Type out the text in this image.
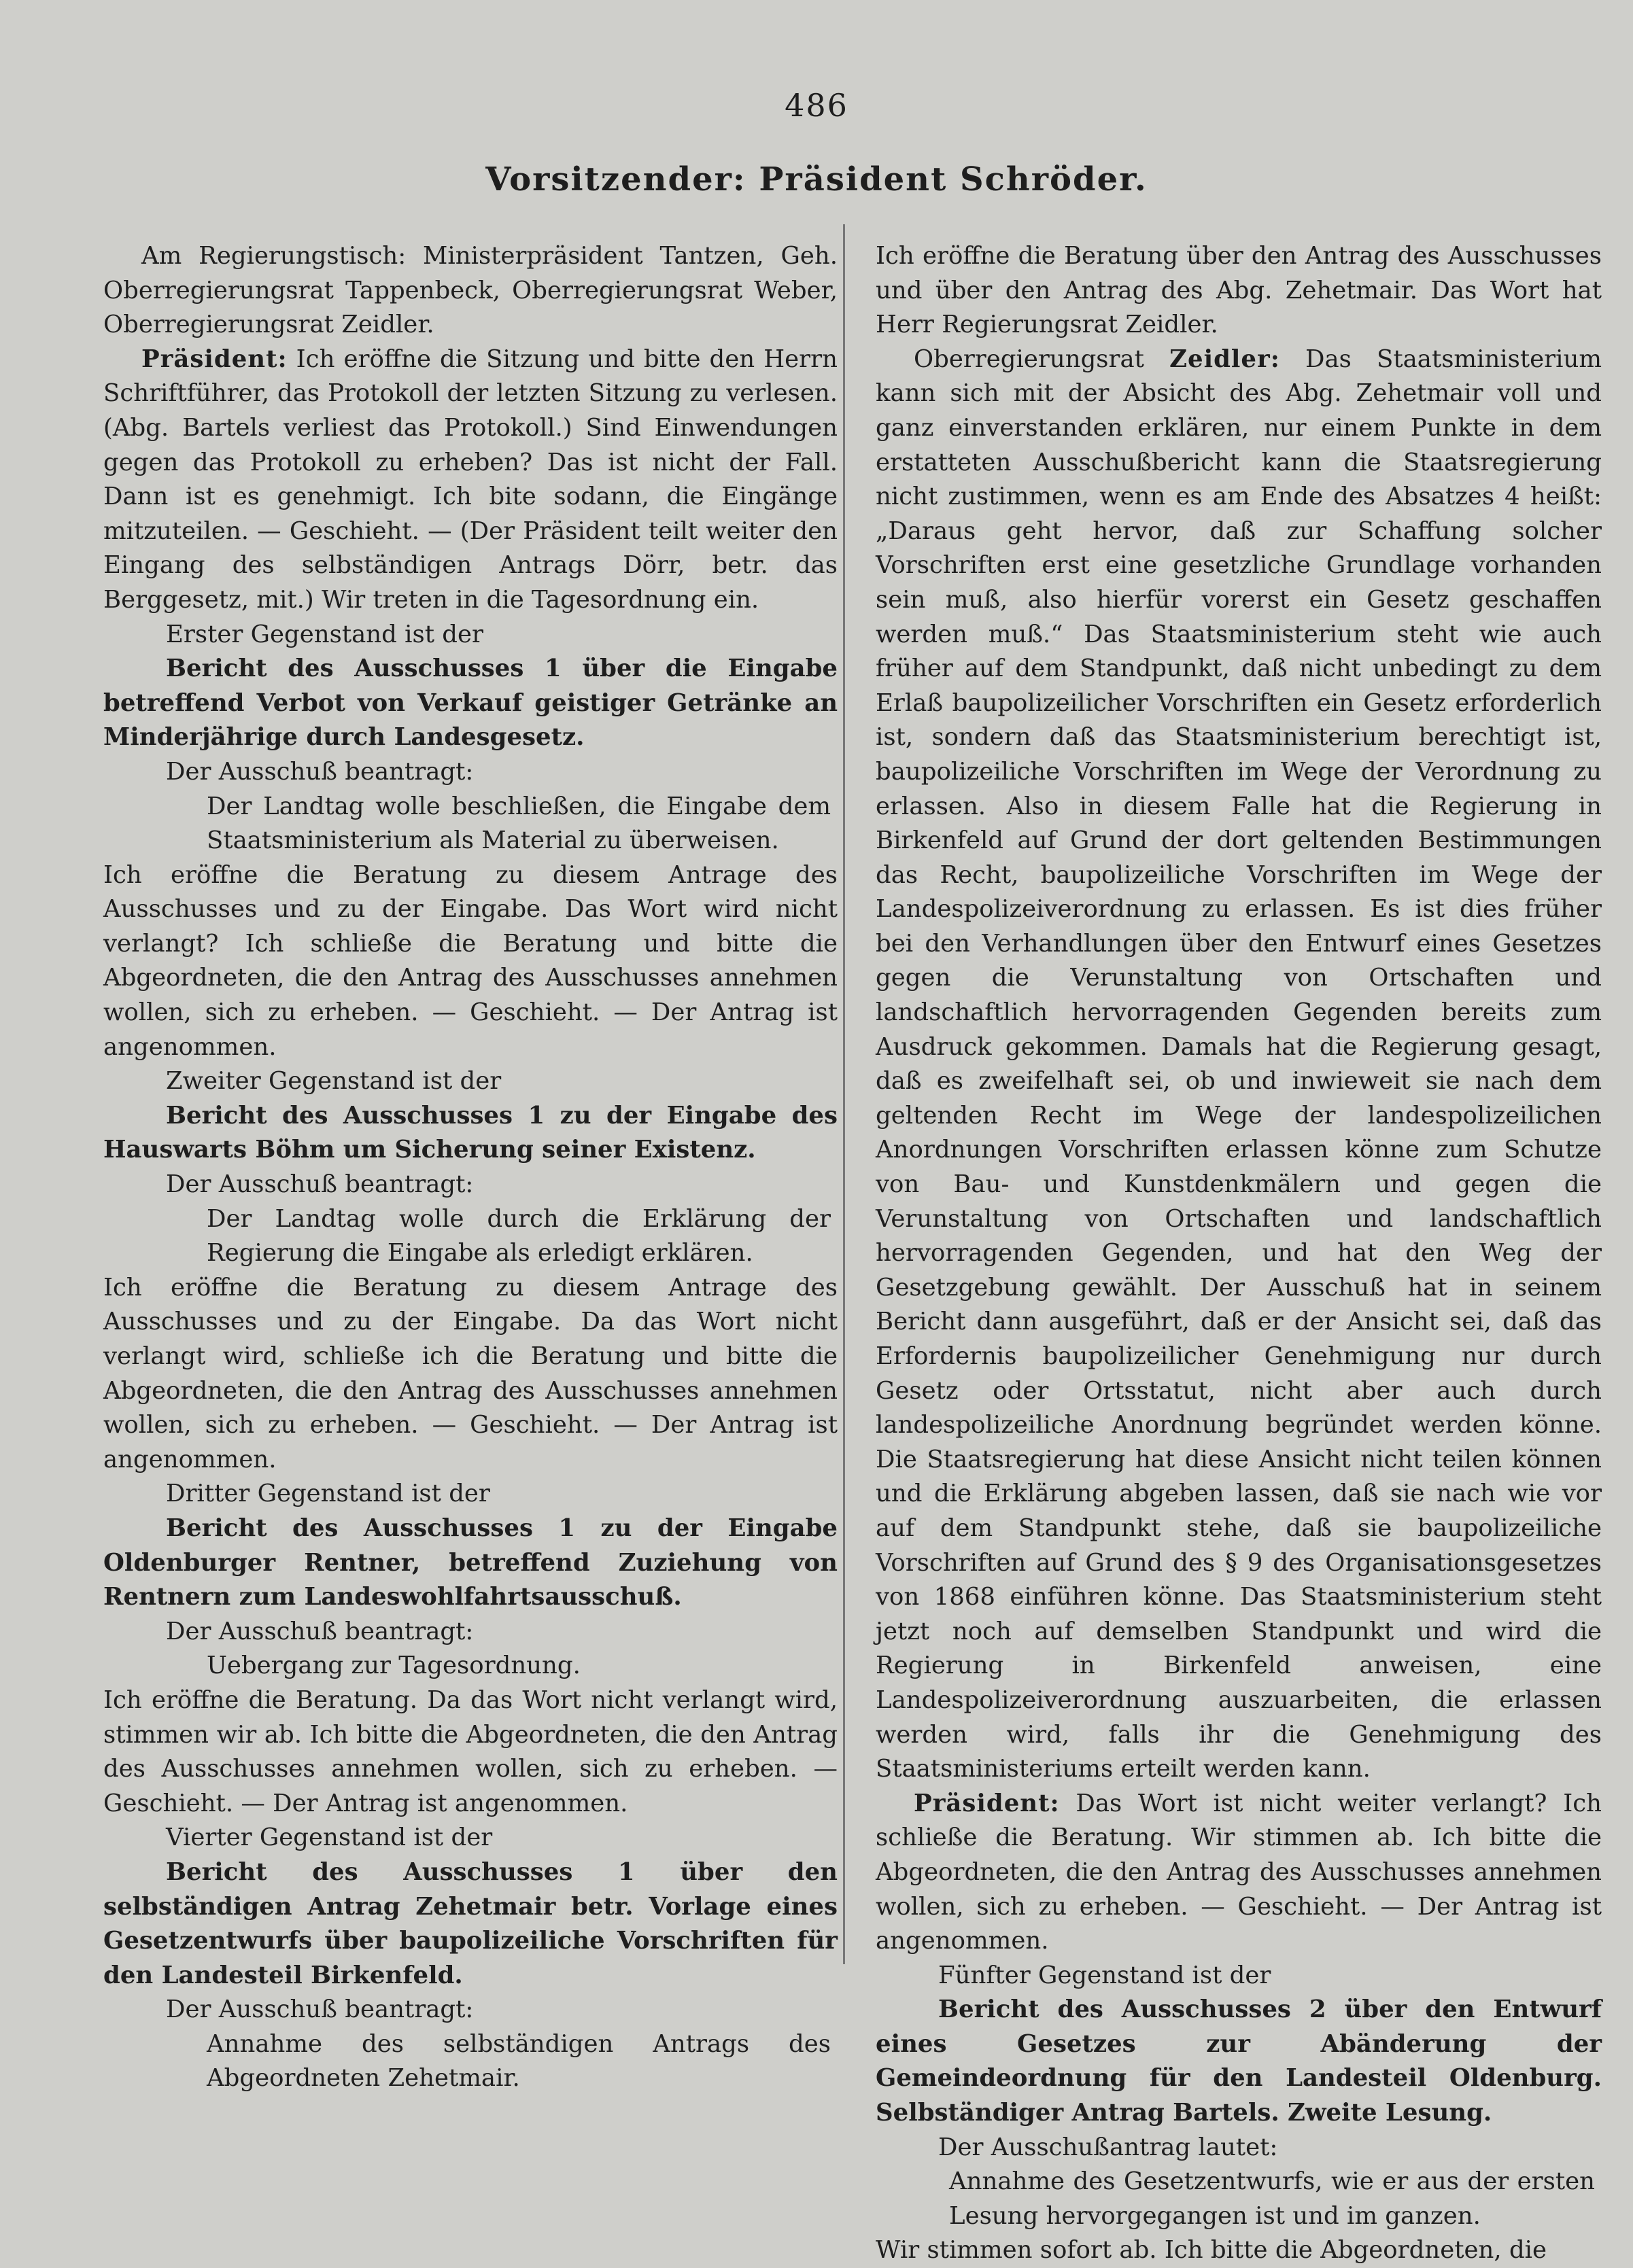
486
Vorsitzender: Präsident Schröder.

Am Regierungstisch: Ministerpräsident Tantzen, Geh. Oberregierungsrat Tappenbeck, Oberregierungsrat Weber, Oberregierungsrat Zeidler.

Präsident: Ich eröffne die Sitzung und bitte den Herrn Schriftführer, das Protokoll der letzten Sitzung zu verlesen. (Abg. Bartels verliest das Protokoll.) Sind Einwendungen gegen das Protokoll zu erheben? Das ist nicht der Fall. Dann ist es genehmigt. Ich bite sodann, die Eingänge mitzuteilen. — Geschieht. — (Der Präsident teilt weiter den Eingang des selbständigen Antrags Dörr, betr. das Berggesetz, mit.) Wir treten in die Tagesordnung ein.

Erster Gegenstand ist der

Bericht des Ausschusses 1 über die Eingabe betreffend Verbot von Verkauf geistiger Getränke an Minderjährige durch Landesgesetz.

Der Ausschuß beantragt:

Der Landtag wolle beschließen, die Eingabe dem Staatsministerium als Material zu überweisen.

Ich eröffne die Beratung zu diesem Antrage des Ausschusses und zu der Eingabe. Das Wort wird nicht verlangt? Ich schließe die Beratung und bitte die Abgeordneten, die den Antrag des Ausschusses annehmen wollen, sich zu erheben. — Geschieht. — Der Antrag ist angenommen.

Zweiter Gegenstand ist der

Bericht des Ausschusses 1 zu der Eingabe des Hauswarts Böhm um Sicherung seiner Existenz.

Der Ausschuß beantragt:

Der Landtag wolle durch die Erklärung der Regierung die Eingabe als erledigt erklären.

Ich eröffne die Beratung zu diesem Antrage des Ausschusses und zu der Eingabe. Da das Wort nicht verlangt wird, schließe ich die Beratung und bitte die Abgeordneten, die den Antrag des Ausschusses annehmen wollen, sich zu erheben. — Geschieht. — Der Antrag ist angenommen.

Dritter Gegenstand ist der

Bericht des Ausschusses 1 zu der Eingabe Oldenburger Rentner, betreffend Zuziehung von Rentnern zum Landeswohlfahrtsausschuß.

Der Ausschuß beantragt:

Uebergang zur Tagesordnung.

Ich eröffne die Beratung. Da das Wort nicht verlangt wird, stimmen wir ab. Ich bitte die Abgeordneten, die den Antrag des Ausschusses annehmen wollen, sich zu erheben. — Geschieht. — Der Antrag ist angenommen.

Vierter Gegenstand ist der

Bericht des Ausschusses 1 über den selbständigen Antrag Zehetmair betr. Vorlage eines Gesetzentwurfs über baupolizeiliche Vorschriften für den Landesteil Birkenfeld.

Der Ausschuß beantragt:

Annahme des selbständigen Antrags des Abgeordneten Zehetmair.

Ich eröffne die Beratung über den Antrag des Ausschusses und über den Antrag des Abg. Zehetmair. Das Wort hat Herr Regierungsrat Zeidler.

Oberregierungsrat Zeidler: Das Staatsministerium kann sich mit der Absicht des Abg. Zehetmair voll und ganz einverstanden erklären, nur einem Punkte in dem erstatteten Ausschußbericht kann die Staatsregierung nicht zustimmen, wenn es am Ende des Absatzes 4 heißt: „Daraus geht hervor, daß zur Schaffung solcher Vorschriften erst eine gesetzliche Grundlage vorhanden sein muß, also hierfür vorerst ein Gesetz geschaffen werden muß.“ Das Staatsministerium steht wie auch früher auf dem Standpunkt, daß nicht unbedingt zu dem Erlaß baupolizeilicher Vorschriften ein Gesetz erforderlich ist, sondern daß das Staatsministerium berechtigt ist, baupolizeiliche Vorschriften im Wege der Verordnung zu erlassen. Also in diesem Falle hat die Regierung in Birkenfeld auf Grund der dort geltenden Bestimmungen das Recht, baupolizeiliche Vorschriften im Wege der Landespolizeiverordnung zu erlassen. Es ist dies früher bei den Verhandlungen über den Entwurf eines Gesetzes gegen die Verunstaltung von Ortschaften und landschaftlich hervorragenden Gegenden bereits zum Ausdruck gekommen. Damals hat die Regierung gesagt, daß es zweifelhaft sei, ob und inwieweit sie nach dem geltenden Recht im Wege der landespolizeilichen Anordnungen Vorschriften erlassen könne zum Schutze von Bau- und Kunstdenkmälern und gegen die Verunstaltung von Ortschaften und landschaftlich hervorragenden Gegenden, und hat den Weg der Gesetzgebung gewählt. Der Ausschuß hat in seinem Bericht dann ausgeführt, daß er der Ansicht sei, daß das Erfordernis baupolizeilicher Genehmigung nur durch Gesetz oder Ortsstatut, nicht aber auch durch landespolizeiliche Anordnung begründet werden könne. Die Staatsregierung hat diese Ansicht nicht teilen können und die Erklärung abgeben lassen, daß sie nach wie vor auf dem Standpunkt stehe, daß sie baupolizeiliche Vorschriften auf Grund des § 9 des Organisationsgesetzes von 1868 einführen könne. Das Staatsministerium steht jetzt noch auf demselben Standpunkt und wird die Regierung in Birkenfeld anweisen, eine Landespolizeiverordnung auszuarbeiten, die erlassen werden wird, falls ihr die Genehmigung des Staatsministeriums erteilt werden kann.

Präsident: Das Wort ist nicht weiter verlangt? Ich schließe die Beratung. Wir stimmen ab. Ich bitte die Abgeordneten, die den Antrag des Ausschusses annehmen wollen, sich zu erheben. — Geschieht. — Der Antrag ist angenommen.

Fünfter Gegenstand ist der

Bericht des Ausschusses 2 über den Entwurf eines Gesetzes zur Abänderung der Gemeindeordnung für den Landesteil Oldenburg. Selbständiger Antrag Bartels. Zweite Lesung.

Der Ausschußantrag lautet:

Annahme des Gesetzentwurfs, wie er aus der ersten Lesung hervorgegangen ist und im ganzen.

Wir stimmen sofort ab. Ich bitte die Abgeordneten, die
